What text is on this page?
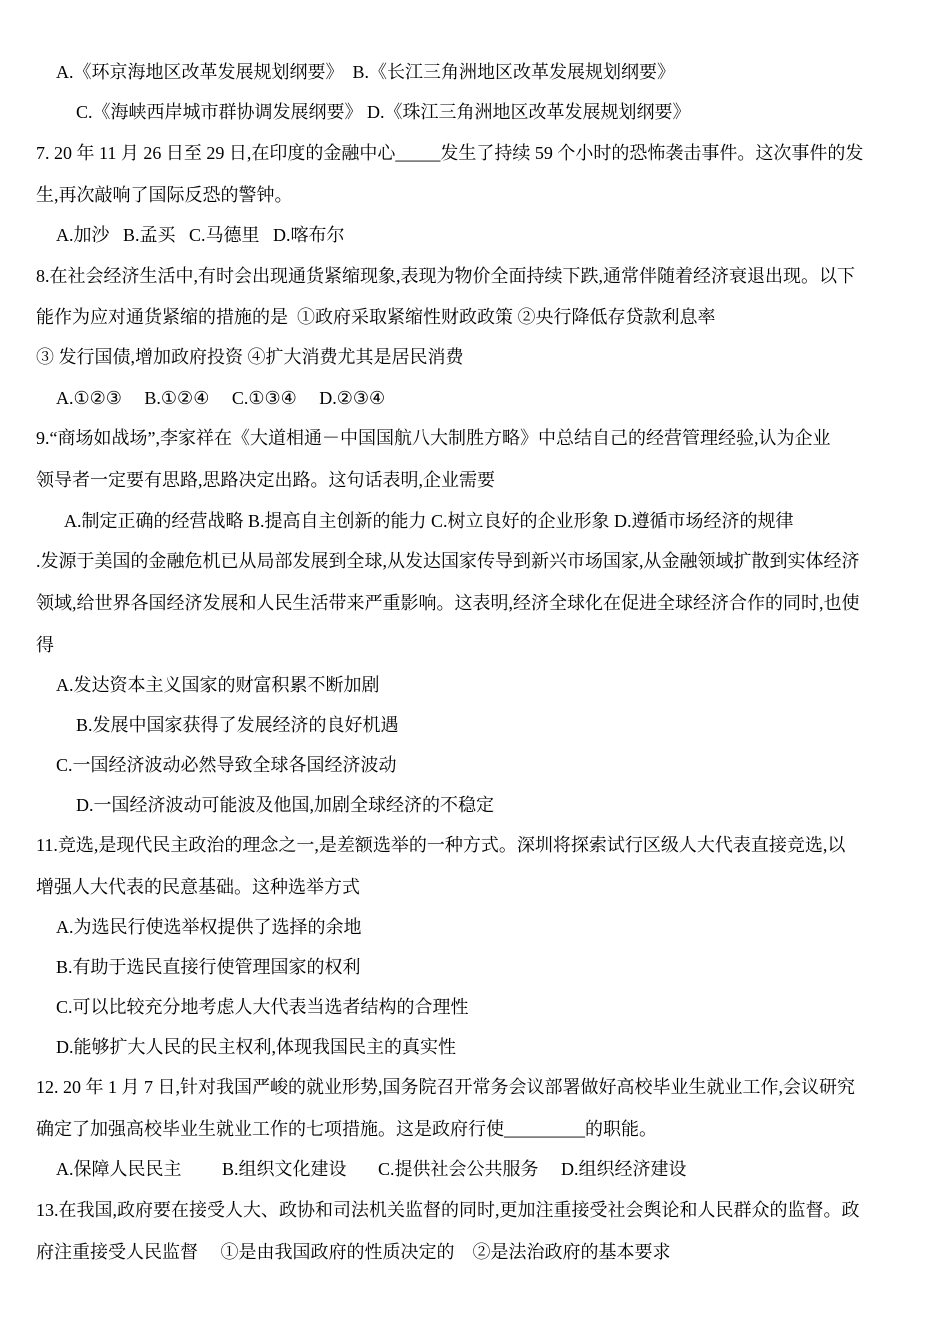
A.《环京海地区改革发展规划纲要》  B.《长江三角洲地区改革发展规划纲要》
C.《海峡西岸城市群协调发展纲要》 D.《珠江三角洲地区改革发展规划纲要》
7. 20 年 11 月 26 日至 29 日,在印度的金融中心_____发生了持续 59 个小时的恐怖袭击事件。这次事件的发
生,再次敲响了国际反恐的警钟。
A.加沙   B.孟买   C.马德里   D.喀布尔
8.在社会经济生活中,有时会出现通货紧缩现象,表现为物价全面持续下跌,通常伴随着经济衰退出现。以下
能作为应对通货紧缩的措施的是  ①政府采取紧缩性财政政策 ②央行降低存贷款利息率
③ 发行国债,增加政府投资 ④扩大消费尤其是居民消费
A.①②③     B.①②④     C.①③④     D.②③④
9.“商场如战场”,李家祥在《大道相通－中国国航八大制胜方略》中总结自己的经营管理经验,认为企业
领导者一定要有思路,思路决定出路。这句话表明,企业需要
A.制定正确的经营战略 B.提高自主创新的能力 C.树立良好的企业形象 D.遵循市场经济的规律
.发源于美国的金融危机已从局部发展到全球,从发达国家传导到新兴市场国家,从金融领域扩散到实体经济
领域,给世界各国经济发展和人民生活带来严重影响。这表明,经济全球化在促进全球经济合作的同时,也使
得
A.发达资本主义国家的财富积累不断加剧
B.发展中国家获得了发展经济的良好机遇
C.一国经济波动必然导致全球各国经济波动
D.一国经济波动可能波及他国,加剧全球经济的不稳定
11.竞选,是现代民主政治的理念之一,是差额选举的一种方式。深圳将探索试行区级人大代表直接竞选,以
增强人大代表的民意基础。这种选举方式
A.为选民行使选举权提供了选择的余地
B.有助于选民直接行使管理国家的权利
C.可以比较充分地考虑人大代表当选者结构的合理性
D.能够扩大人民的民主权利,体现我国民主的真实性
12. 20 年 1 月 7 日,针对我国严峻的就业形势,国务院召开常务会议部署做好高校毕业生就业工作,会议研究
确定了加强高校毕业生就业工作的七项措施。这是政府行使_________的职能。
A.保障人民民主         B.组织文化建设       C.提供社会公共服务     D.组织经济建设
13.在我国,政府要在接受人大、政协和司法机关监督的同时,更加注重接受社会舆论和人民群众的监督。政
府注重接受人民监督     ①是由我国政府的性质决定的    ②是法治政府的基本要求
